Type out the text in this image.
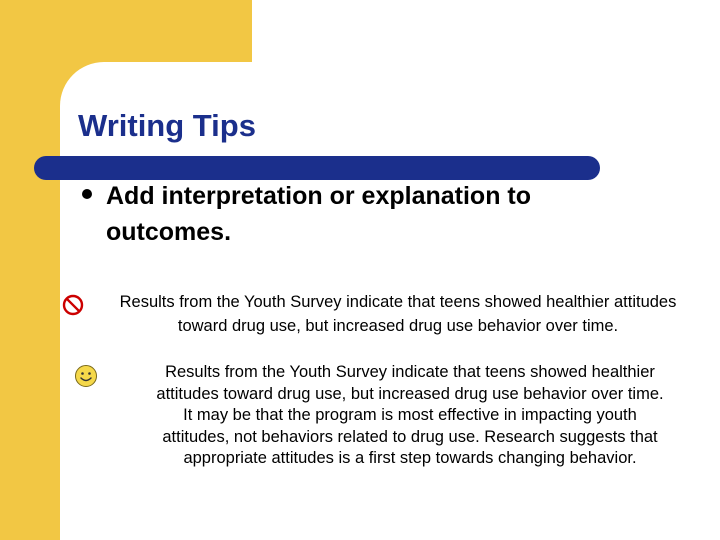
Writing Tips
Add interpretation or explanation to outcomes.
Results from the Youth Survey indicate that teens showed healthier attitudes
toward drug use, but increased drug use behavior over time.
Results from the Youth Survey indicate that teens showed healthier
attitudes toward drug use, but increased drug use behavior over time.
It may be that the program is most effective in impacting youth
attitudes, not behaviors related to drug use. Research suggests that
appropriate attitudes is a first step towards changing behavior.
